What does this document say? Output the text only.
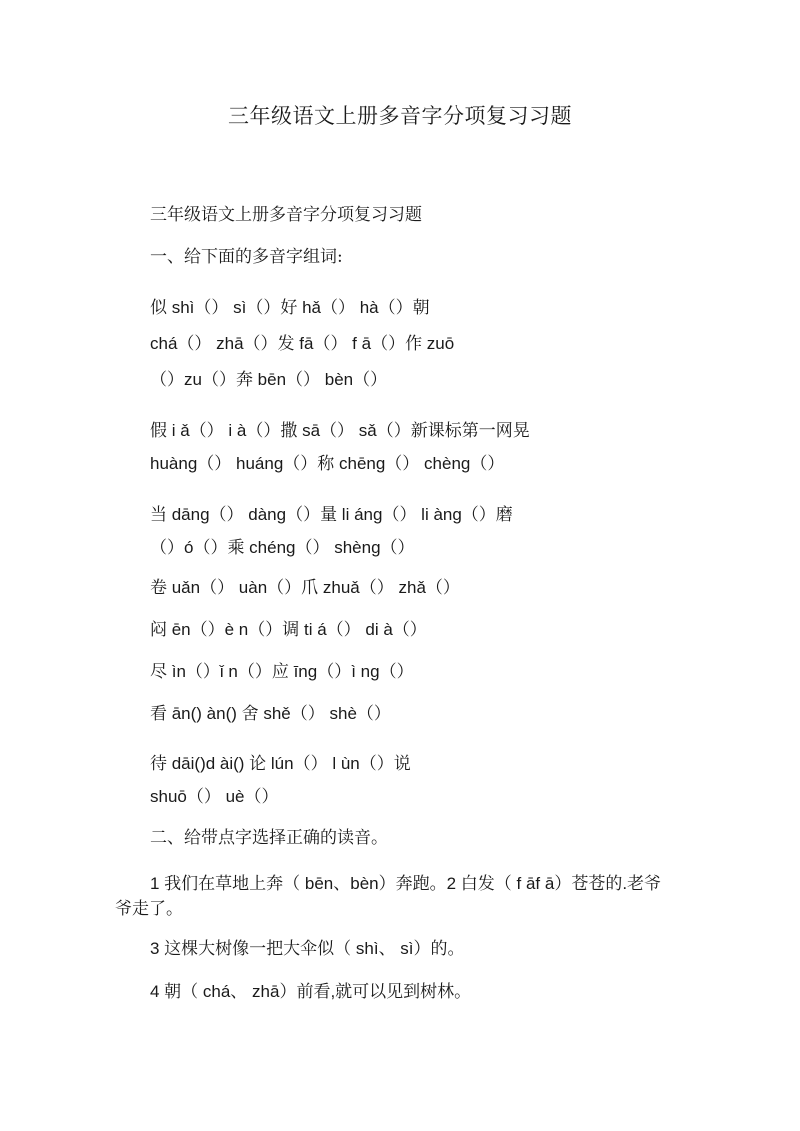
三年级语文上册多音字分项复习习题
三年级语文上册多音字分项复习习题
一、给下面的多音字组词:
似 shì（） sì（）好 hǎ（） hà（）朝
chá（） zhā（）发 fā（） f ā（）作 zuō
（）zu（）奔 bēn（） bèn（）
假 i ǎ（） i à（）撒 sā（） sǎ（）新课标第一网晃
huàng（） huáng（）称 chēng（） chèng（）
当 dāng（） dàng（）量 li áng（） li àng（）磨
（）ó（）乘 chéng（） shèng（）
卷 uǎn（） uàn（）爪 zhuǎ（） zhǎ（）
闷 ēn（）è n（）调 ti á（） di à（）
尽 ìn（）ǐ n（）应 īng（）ì ng（）
看 ān() àn() 舍 shě（） shè（）
待 dāi()d ài() 论 lún（） l ùn（）说
shuō（） uè（）
二、给带点字选择正确的读音。
1 我们在草地上奔（ bēn、bèn）奔跑。2 白发（ f āf ā）苍苍的.老爷
爷走了。
3 这棵大树像一把大伞似（ shì、 sì）的。
4 朝（ chá、 zhā）前看,就可以见到树林。
